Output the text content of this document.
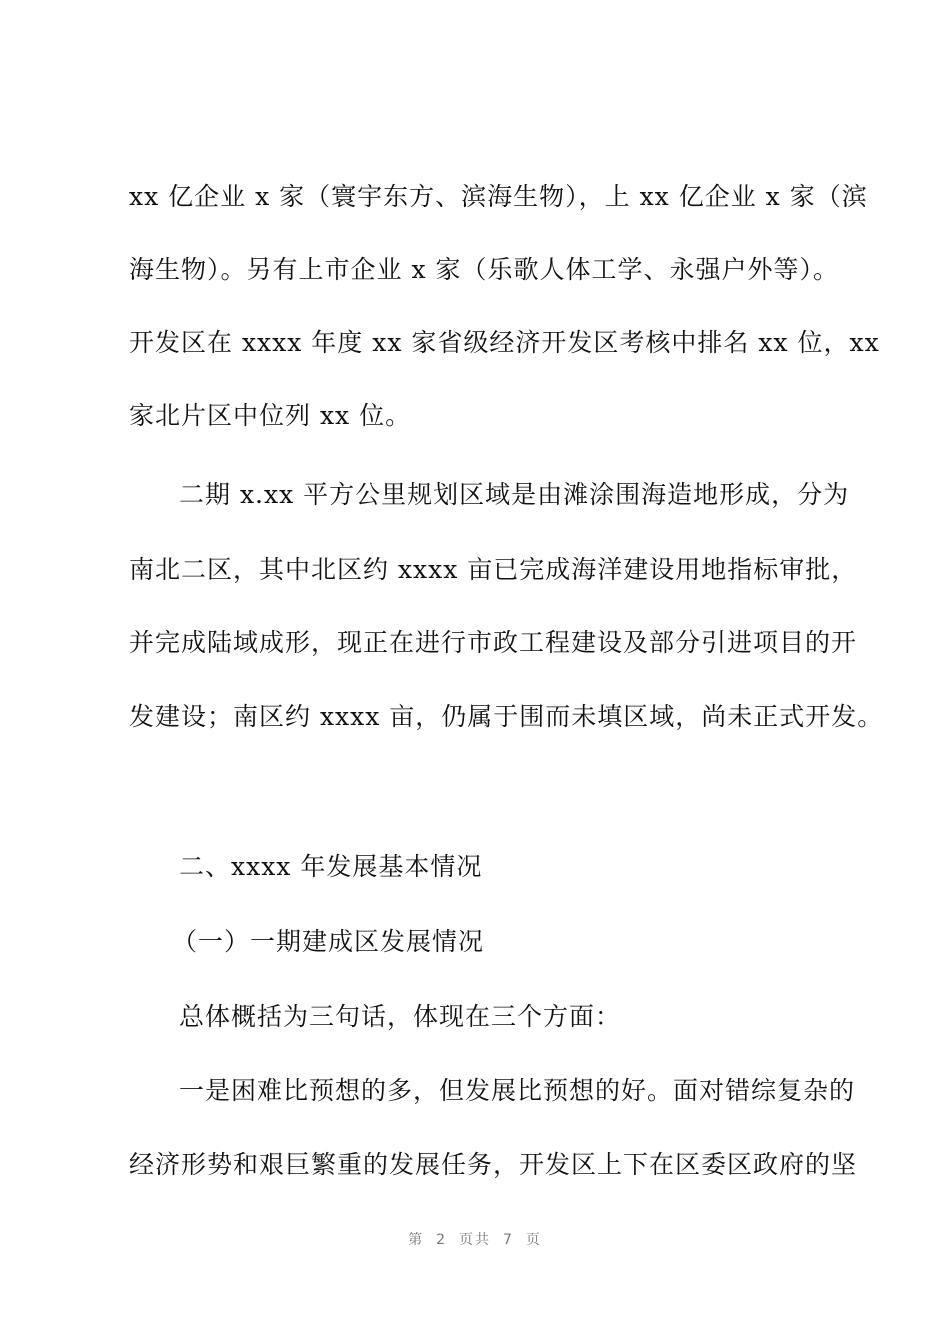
xx 亿企业 x 家（寰宇东方、滨海生物），上 xx 亿企业 x 家（滨
海生物）。另有上市企业 x 家（乐歌人体工学、永强户外等）。
开发区在 xxxx 年度 xx 家省级经济开发区考核中排名 xx 位，xx
家北片区中位列 xx 位。
二期 x.xx 平方公里规划区域是由滩涂围海造地形成，分为
南北二区，其中北区约 xxxx 亩已完成海洋建设用地指标审批，
并完成陆域成形，现正在进行市政工程建设及部分引进项目的开
发建设；南区约 xxxx 亩，仍属于围而未填区域，尚未正式开发。
二、xxxx 年发展基本情况
（一）一期建成区发展情况
总体概括为三句话，体现在三个方面：
一是困难比预想的多，但发展比预想的好。面对错综复杂的
经济形势和艰巨繁重的发展任务，开发区上下在区委区政府的坚
第 2 页共 7 页
